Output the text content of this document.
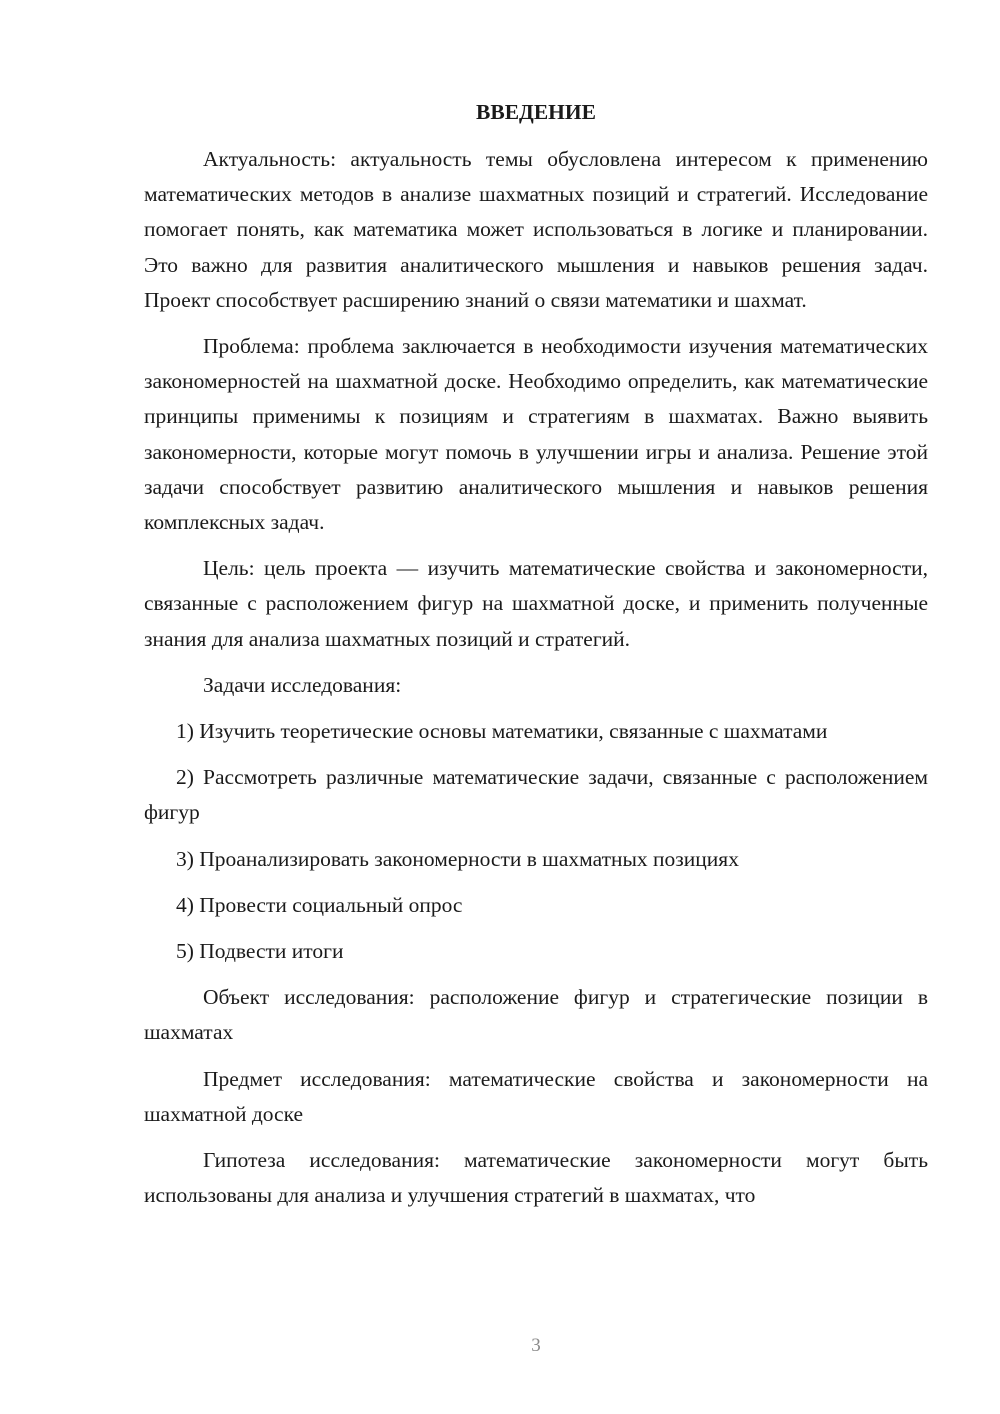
ВВЕДЕНИЕ

Актуальность: актуальность темы обусловлена интересом к применению математических методов в анализе шахматных позиций и стратегий. Исследование помогает понять, как математика может использоваться в логике и планировании. Это важно для развития аналитического мышления и навыков решения задач. Проект способствует расширению знаний о связи математики и шахмат.

Проблема: проблема заключается в необходимости изучения математических закономерностей на шахматной доске. Необходимо определить, как математические принципы применимы к позициям и стратегиям в шахматах. Важно выявить закономерности, которые могут помочь в улучшении игры и анализа. Решение этой задачи способствует развитию аналитического мышления и навыков решения комплексных задач.

Цель: цель проекта — изучить математические свойства и закономерности, связанные с расположением фигур на шахматной доске, и применить полученные знания для анализа шахматных позиций и стратегий.

Задачи исследования:

1) Изучить теоретические основы математики, связанные с шахматами

2) Рассмотреть различные математические задачи, связанные с расположением фигур

3) Проанализировать закономерности в шахматных позициях

4) Провести социальный опрос

5) Подвести итоги

Объект исследования: расположение фигур и стратегические позиции в шахматах

Предмет исследования: математические свойства и закономерности на шахматной доске

Гипотеза исследования: математические закономерности могут быть использованы для анализа и улучшения стратегий в шахматах, что

3
